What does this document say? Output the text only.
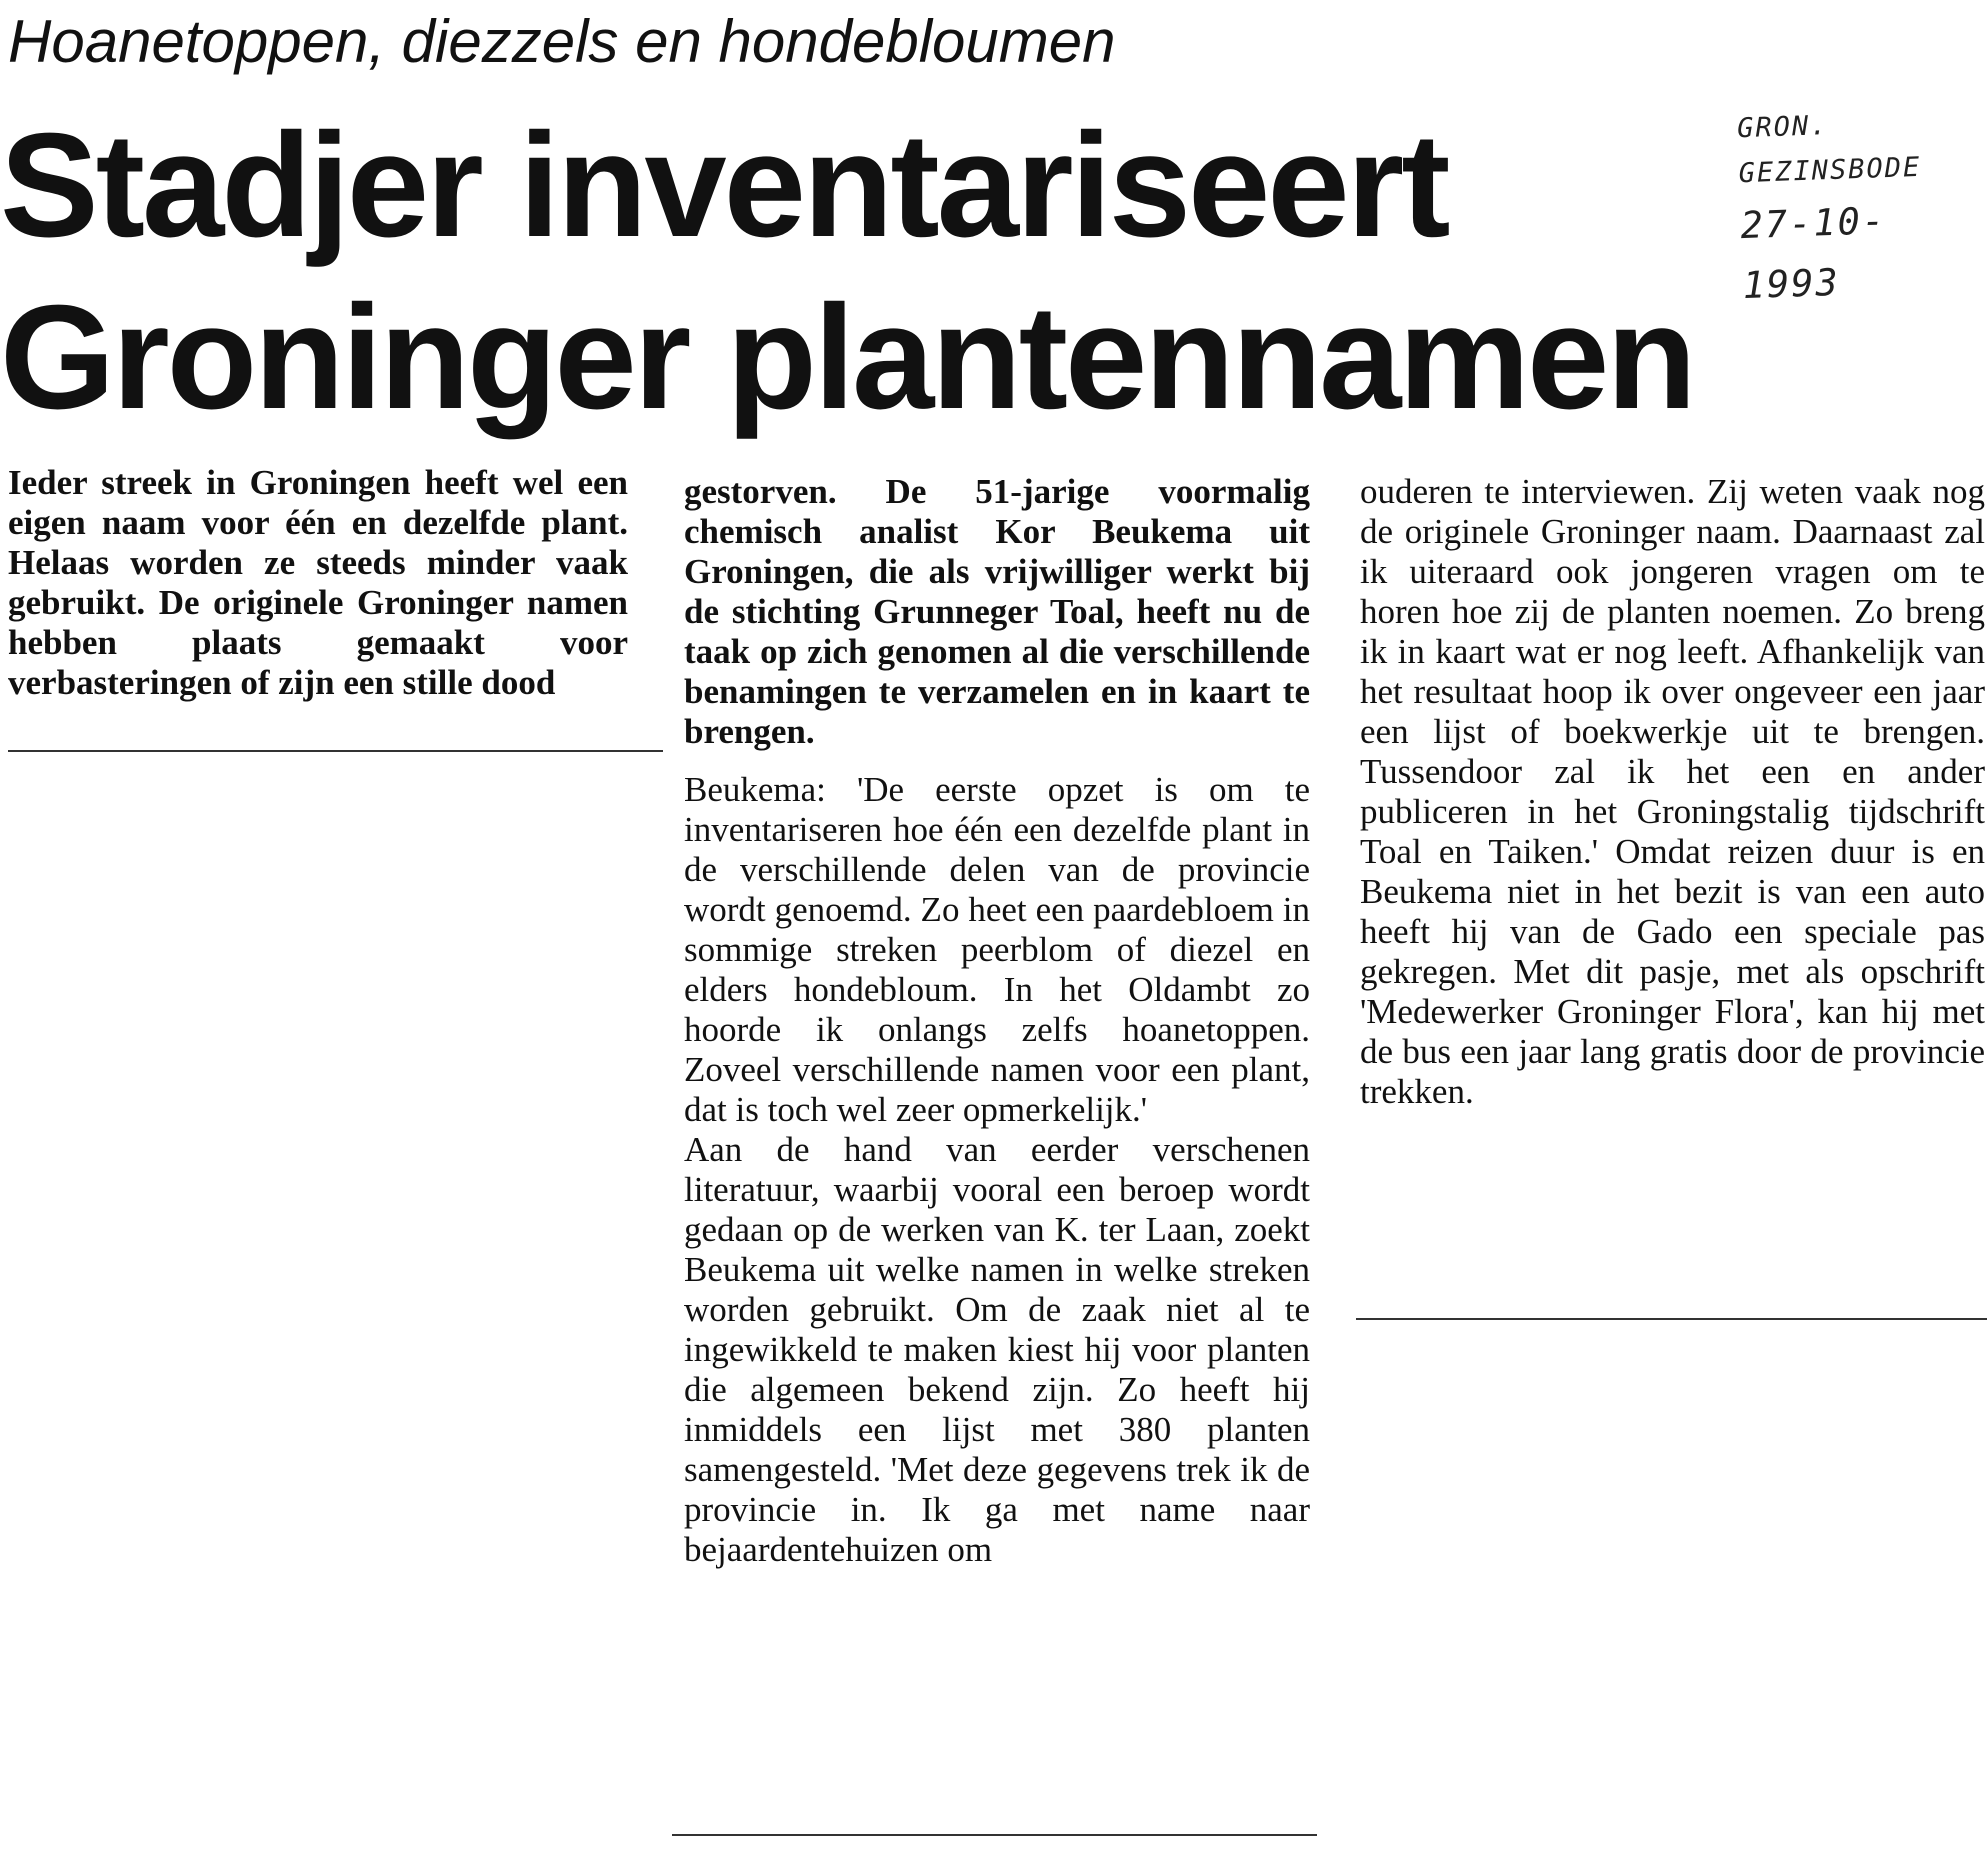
Hoanetoppen, diezzels en hondebloumen
Stadjer inventariseert
Groninger plantennamen
GRON.
GEZINSBODE
27-10-1993

Ieder streek in Groningen heeft wel een eigen naam voor één en dezelfde plant. Helaas worden ze steeds minder vaak gebruikt. De originele Groninger namen hebben plaats gemaakt voor verbasteringen of zijn een stille dood

gestorven. De 51-jarige voormalig chemisch analist Kor Beukema uit Groningen, die als vrijwilliger werkt bij de stichting Grunneger Toal, heeft nu de taak op zich genomen al die verschillende benamingen te verzamelen en in kaart te brengen.

Beukema: 'De eerste opzet is om te inventariseren hoe één een dezelfde plant in de verschillende delen van de provincie wordt genoemd. Zo heet een paardebloem in sommige streken peerblom of diezel en elders hondebloum. In het Oldambt zo hoorde ik onlangs zelfs hoanetoppen. Zoveel verschillende namen voor een plant, dat is toch wel zeer opmerkelijk.'

Aan de hand van eerder verschenen literatuur, waarbij vooral een beroep wordt gedaan op de werken van K. ter Laan, zoekt Beukema uit welke namen in welke streken worden gebruikt. Om de zaak niet al te ingewikkeld te maken kiest hij voor planten die algemeen bekend zijn. Zo heeft hij inmiddels een lijst met 380 planten samengesteld. 'Met deze gegevens trek ik de provincie in. Ik ga met name naar bejaardentehuizen om

ouderen te interviewen. Zij weten vaak nog de originele Groninger naam. Daarnaast zal ik uiteraard ook jongeren vragen om te horen hoe zij de planten noemen. Zo breng ik in kaart wat er nog leeft. Afhankelijk van het resultaat hoop ik over ongeveer een jaar een lijst of boekwerkje uit te brengen. Tussendoor zal ik het een en ander publiceren in het Groningstalig tijdschrift Toal en Taiken.' Omdat reizen duur is en Beukema niet in het bezit is van een auto heeft hij van de Gado een speciale pas gekregen. Met dit pasje, met als opschrift 'Medewerker Groninger Flora', kan hij met de bus een jaar lang gratis door de provincie trekken.
